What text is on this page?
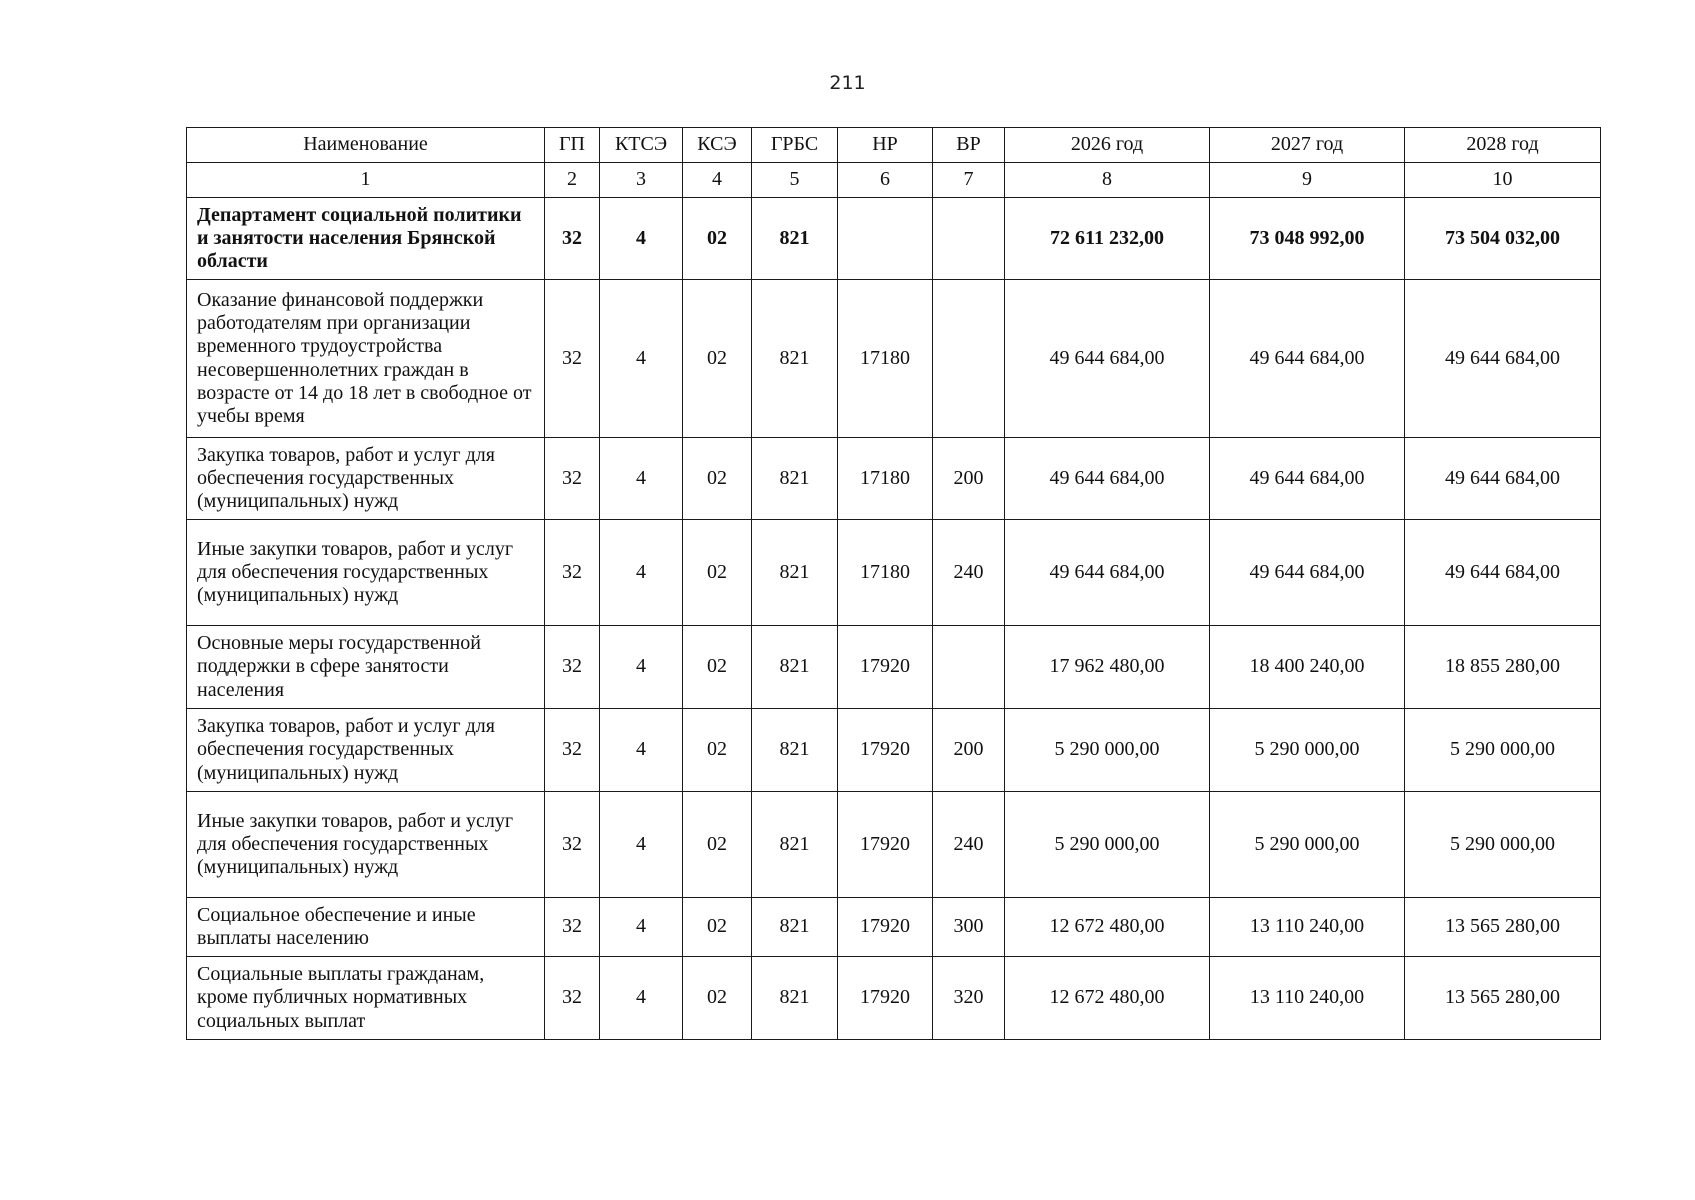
211
Наименование	ГП	КТСЭ	КСЭ	ГРБС	НР	ВР	2026 год	2027 год	2028 год
1	2	3	4	5	6	7	8	9	10
Департамент социальной политики и занятости населения Брянской области	32	4	02	821			72 611 232,00	73 048 992,00	73 504 032,00
Оказание финансовой поддержки работодателям при организации временного трудоустройства несовершеннолетних граждан в возрасте от 14 до 18 лет в свободное от учебы время	32	4	02	821	17180		49 644 684,00	49 644 684,00	49 644 684,00
Закупка товаров, работ и услуг для обеспечения государственных (муниципальных) нужд	32	4	02	821	17180	200	49 644 684,00	49 644 684,00	49 644 684,00
Иные закупки товаров, работ и услуг для обеспечения государственных (муниципальных) нужд	32	4	02	821	17180	240	49 644 684,00	49 644 684,00	49 644 684,00
Основные меры государственной поддержки в сфере занятости населения	32	4	02	821	17920		17 962 480,00	18 400 240,00	18 855 280,00
Закупка товаров, работ и услуг для обеспечения государственных (муниципальных) нужд	32	4	02	821	17920	200	5 290 000,00	5 290 000,00	5 290 000,00
Иные закупки товаров, работ и услуг для обеспечения государственных (муниципальных) нужд	32	4	02	821	17920	240	5 290 000,00	5 290 000,00	5 290 000,00
Социальное обеспечение и иные выплаты населению	32	4	02	821	17920	300	12 672 480,00	13 110 240,00	13 565 280,00
Социальные выплаты гражданам, кроме публичных нормативных социальных выплат	32	4	02	821	17920	320	12 672 480,00	13 110 240,00	13 565 280,00
